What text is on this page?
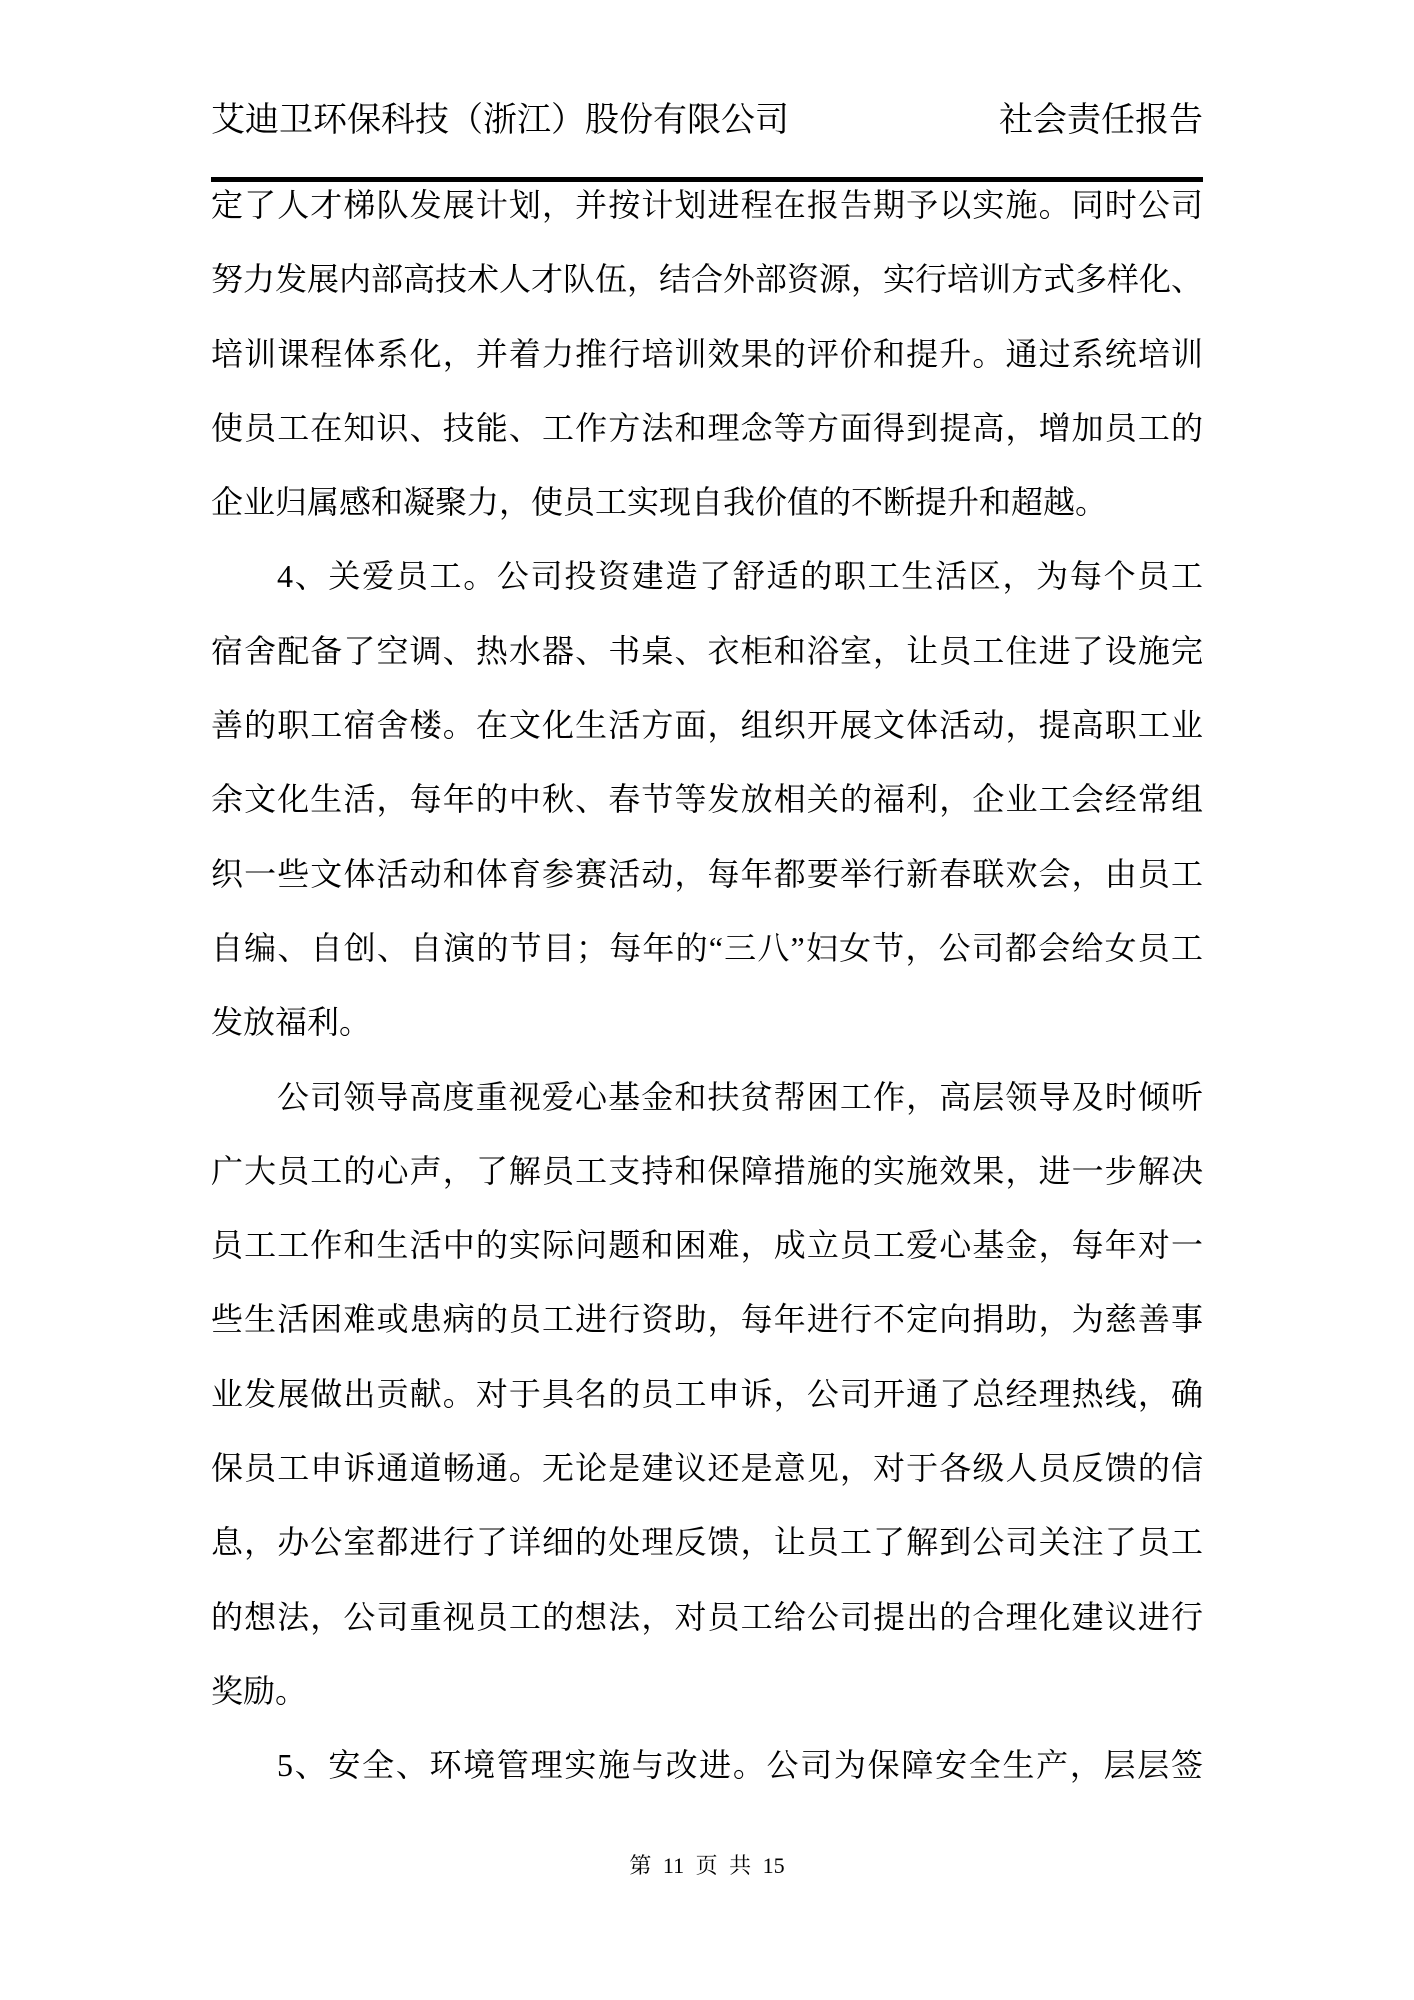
艾迪卫环保科技（浙江）股份有限公司	社会责任报告
定了人才梯队发展计划，并按计划进程在报告期予以实施。同时公司
努力发展内部高技术人才队伍，结合外部资源，实行培训方式多样化、
培训课程体系化，并着力推行培训效果的评价和提升。通过系统培训
使员工在知识、技能、工作方法和理念等方面得到提高，增加员工的
企业归属感和凝聚力，使员工实现自我价值的不断提升和超越。
4、关爱员工。公司投资建造了舒适的职工生活区，为每个员工
宿舍配备了空调、热水器、书桌、衣柜和浴室，让员工住进了设施完
善的职工宿舍楼。在文化生活方面，组织开展文体活动，提高职工业
余文化生活，每年的中秋、春节等发放相关的福利，企业工会经常组
织一些文体活动和体育参赛活动，每年都要举行新春联欢会，由员工
自编、自创、自演的节目；每年的“三八”妇女节，公司都会给女员工
发放福利。
公司领导高度重视爱心基金和扶贫帮困工作，高层领导及时倾听
广大员工的心声，了解员工支持和保障措施的实施效果，进一步解决
员工工作和生活中的实际问题和困难，成立员工爱心基金，每年对一
些生活困难或患病的员工进行资助，每年进行不定向捐助，为慈善事
业发展做出贡献。对于具名的员工申诉，公司开通了总经理热线，确
保员工申诉通道畅通。无论是建议还是意见，对于各级人员反馈的信
息，办公室都进行了详细的处理反馈，让员工了解到公司关注了员工
的想法，公司重视员工的想法，对员工给公司提出的合理化建议进行
奖励。
5、安全、环境管理实施与改进。公司为保障安全生产，层层签
第 11 页 共 15
